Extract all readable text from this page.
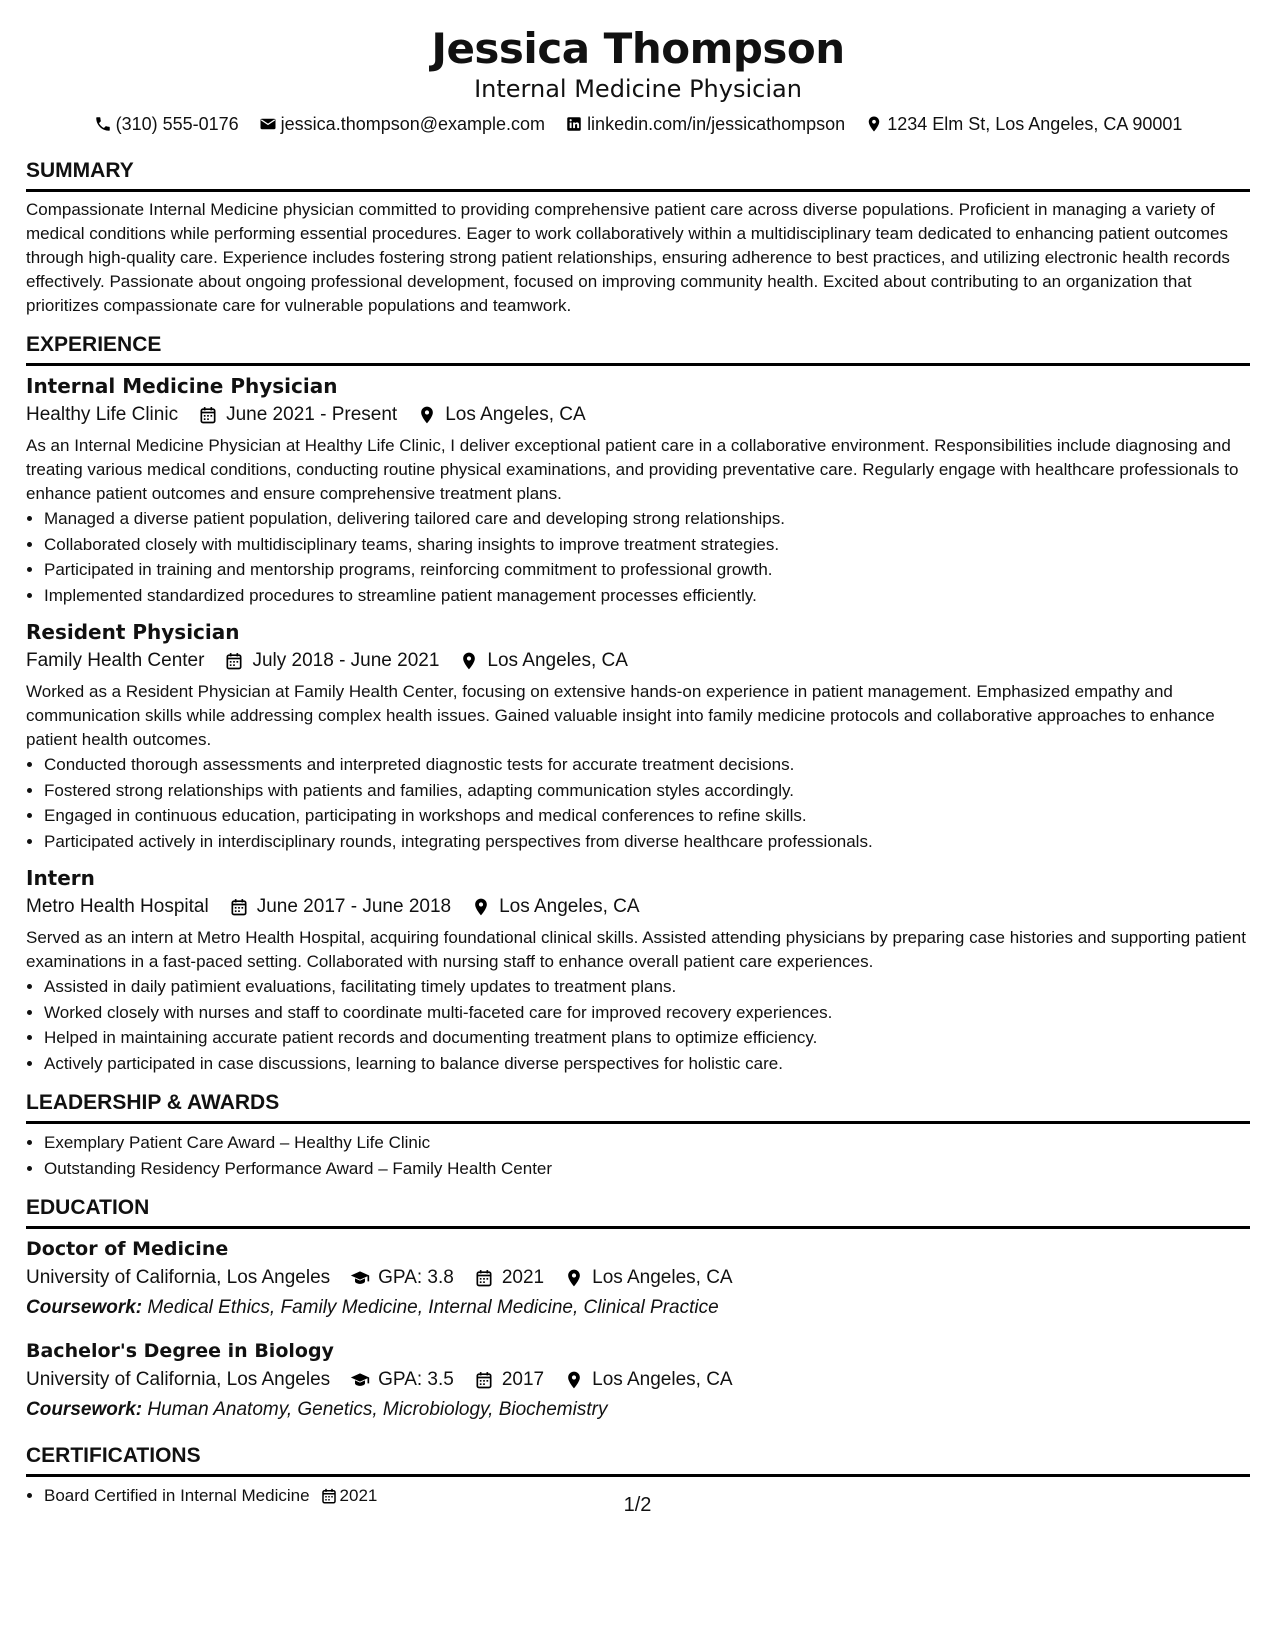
Jessica Thompson
Internal Medicine Physician
(310) 555-0176 jessica.thompson@example.com linkedin.com/in/jessicathompson 1234 Elm St, Los Angeles, CA 90001
SUMMARY
Compassionate Internal Medicine physician committed to providing comprehensive patient care across diverse populations. Proficient in managing a variety of medical conditions while performing essential procedures. Eager to work collaboratively within a multidisciplinary team dedicated to enhancing patient outcomes through high-quality care. Experience includes fostering strong patient relationships, ensuring adherence to best practices, and utilizing electronic health records effectively. Passionate about ongoing professional development, focused on improving community health. Excited about contributing to an organization that prioritizes compassionate care for vulnerable populations and teamwork.
EXPERIENCE
Internal Medicine Physician
Healthy Life Clinic	June 2021 - Present	Los Angeles, CA
As an Internal Medicine Physician at Healthy Life Clinic, I deliver exceptional patient care in a collaborative environment. Responsibilities include diagnosing and treating various medical conditions, conducting routine physical examinations, and providing preventative care. Regularly engage with healthcare professionals to enhance patient outcomes and ensure comprehensive treatment plans.
• Managed a diverse patient population, delivering tailored care and developing strong relationships.
• Collaborated closely with multidisciplinary teams, sharing insights to improve treatment strategies.
• Participated in training and mentorship programs, reinforcing commitment to professional growth.
• Implemented standardized procedures to streamline patient management processes efficiently.
Resident Physician
Family Health Center	July 2018 - June 2021	Los Angeles, CA
Worked as a Resident Physician at Family Health Center, focusing on extensive hands-on experience in patient management. Emphasized empathy and communication skills while addressing complex health issues. Gained valuable insight into family medicine protocols and collaborative approaches to enhance patient health outcomes.
• Conducted thorough assessments and interpreted diagnostic tests for accurate treatment decisions.
• Fostered strong relationships with patients and families, adapting communication styles accordingly.
• Engaged in continuous education, participating in workshops and medical conferences to refine skills.
• Participated actively in interdisciplinary rounds, integrating perspectives from diverse healthcare professionals.
Intern
Metro Health Hospital	June 2017 - June 2018	Los Angeles, CA
Served as an intern at Metro Health Hospital, acquiring foundational clinical skills. Assisted attending physicians by preparing case histories and supporting patient examinations in a fast-paced setting. Collaborated with nursing staff to enhance overall patient care experiences.
• Assisted in daily patìmient evaluations, facilitating timely updates to treatment plans.
• Worked closely with nurses and staff to coordinate multi-faceted care for improved recovery experiences.
• Helped in maintaining accurate patient records and documenting treatment plans to optimize efficiency.
• Actively participated in case discussions, learning to balance diverse perspectives for holistic care.
LEADERSHIP & AWARDS
• Exemplary Patient Care Award – Healthy Life Clinic
• Outstanding Residency Performance Award – Family Health Center
EDUCATION
Doctor of Medicine
University of California, Los Angeles	GPA: 3.8	2021	Los Angeles, CA
Coursework: Medical Ethics, Family Medicine, Internal Medicine, Clinical Practice
Bachelor's Degree in Biology
University of California, Los Angeles	GPA: 3.5	2017	Los Angeles, CA
Coursework: Human Anatomy, Genetics, Microbiology, Biochemistry
CERTIFICATIONS
• Board Certified in Internal Medicine 2021	1/2
